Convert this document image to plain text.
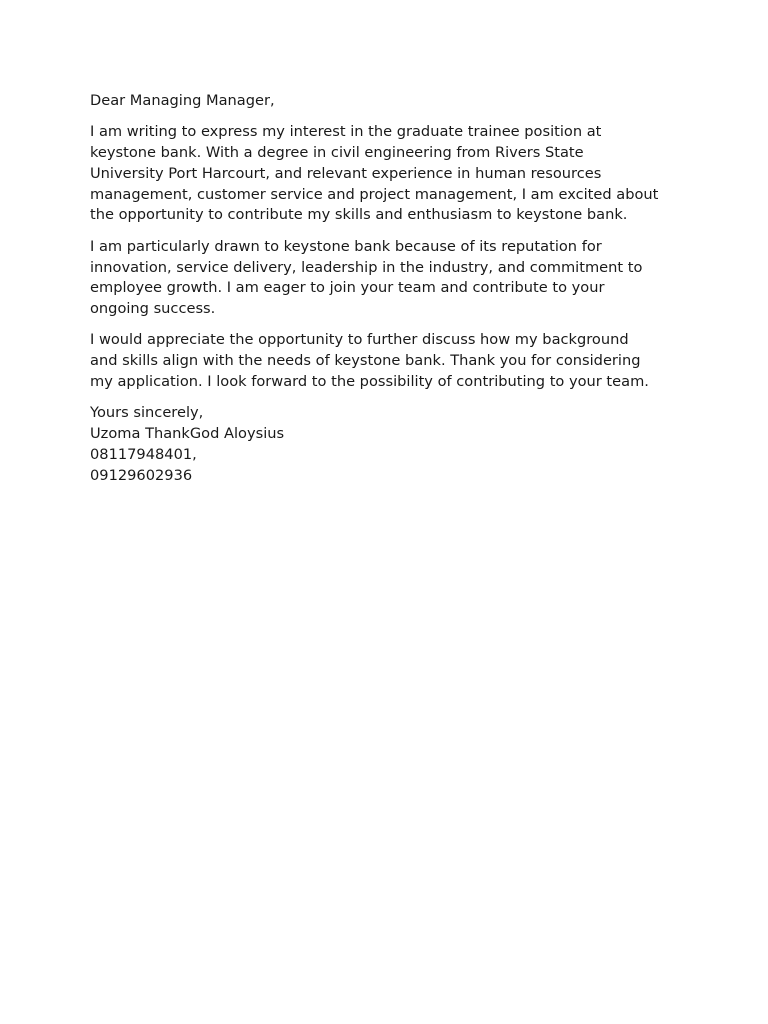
Dear Managing Manager,

I am writing to express my interest in the graduate trainee position at
keystone bank. With a degree in civil engineering from Rivers State
University Port Harcourt, and relevant experience in human resources
management, customer service and project management, I am excited about
the opportunity to contribute my skills and enthusiasm to keystone bank.

I am particularly drawn to keystone bank because of its reputation for
innovation, service delivery, leadership in the industry, and commitment to
employee growth. I am eager to join your team and contribute to your
ongoing success.

I would appreciate the opportunity to further discuss how my background
and skills align with the needs of keystone bank. Thank you for considering
my application. I look forward to the possibility of contributing to your team.

Yours sincerely,
Uzoma ThankGod Aloysius
08117948401,
09129602936
